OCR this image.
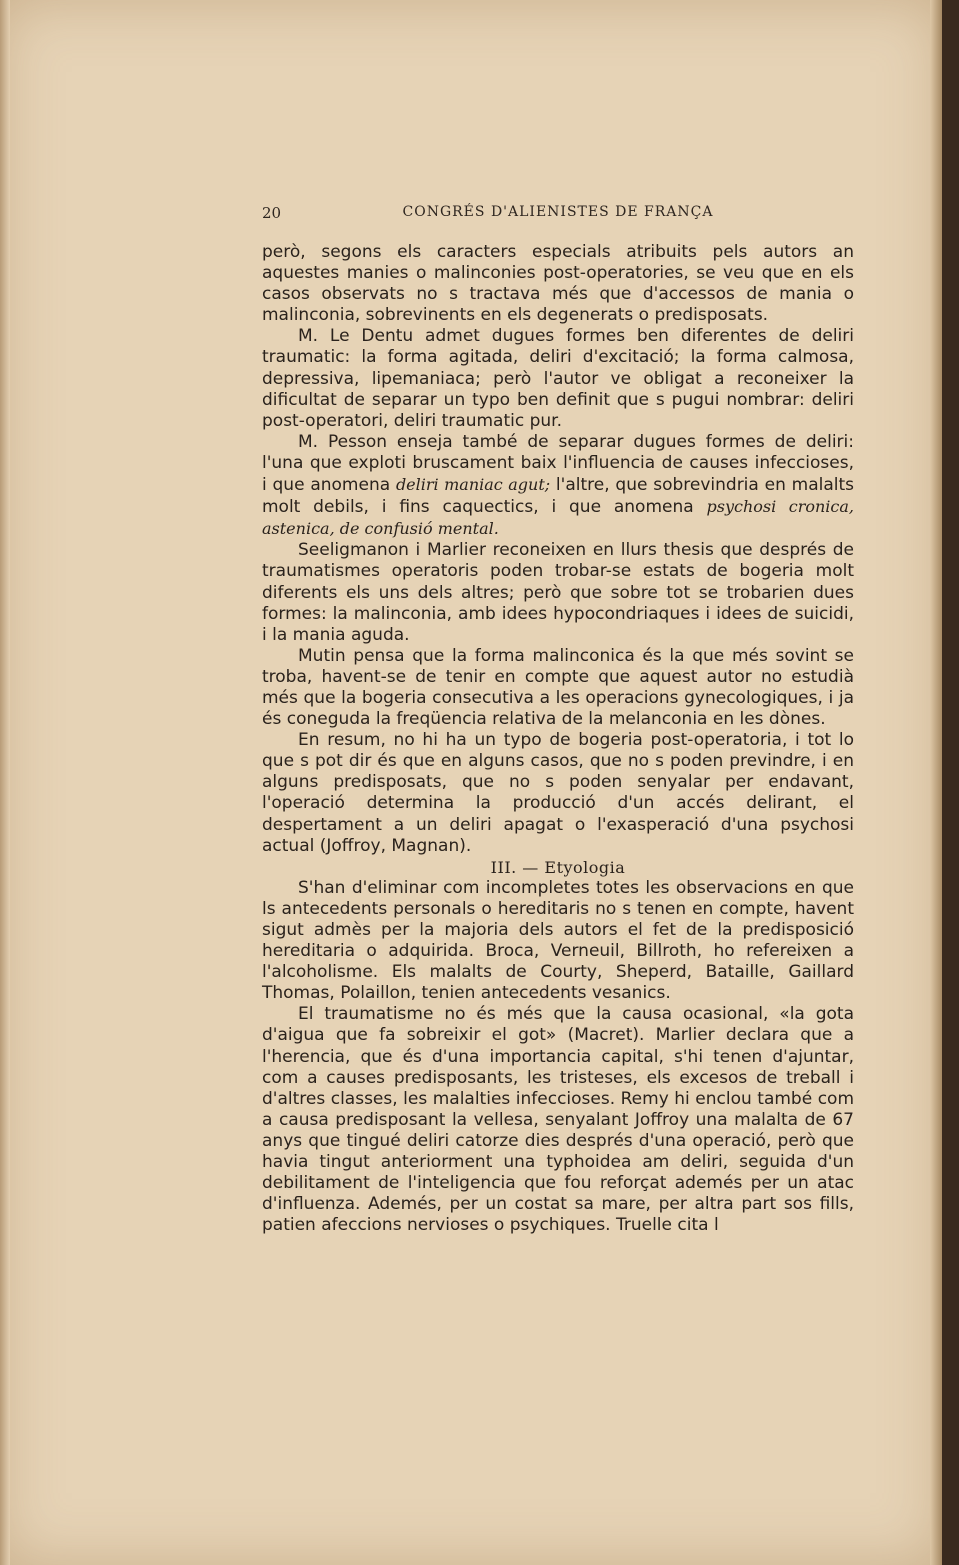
20	CONGRÉS D'ALIENISTES DE FRANÇA

però, segons els caracters especials atribuits pels autors an aquestes manies o malinconies post-operatories, se veu que en els casos observats no s tractava més que d'accessos de mania o malinconia, sobrevinents en els degenerats o predisposats.

M. Le Dentu admet dugues formes ben diferentes de deliri traumatic: la forma agitada, deliri d'excitació; la forma calmosa, depressiva, lipemaniaca; però l'autor ve obligat a reconeixer la dificultat de separar un typo ben definit que s pugui nombrar: deliri post-operatori, deliri traumatic pur.

M. Pesson enseja també de separar dugues formes de deliri: l'una que exploti bruscament baix l'influencia de causes infeccioses, i que anomena deliri maniac agut; l'altre, que sobrevindria en malalts molt debils, i fins caquectics, i que anomena psychosi cronica, astenica, de confusió mental.

Seeligmanon i Marlier reconeixen en llurs thesis que després de traumatismes operatoris poden trobar-se estats de bogeria molt diferents els uns dels altres; però que sobre tot se trobarien dues formes: la malinconia, amb idees hypocondriaques i idees de suicidi, i la mania aguda.

Mutin pensa que la forma malinconica és la que més sovint se troba, havent-se de tenir en compte que aquest autor no estudià més que la bogeria consecutiva a les operacions gynecologiques, i ja és coneguda la freqüencia relativa de la melanconia en les dònes.

En resum, no hi ha un typo de bogeria post-operatoria, i tot lo que s pot dir és que en alguns casos, que no s poden previndre, i en alguns predisposats, que no s poden senyalar per endavant, l'operació determina la producció d'un accés delirant, el despertament a un deliri apagat o l'exasperació d'una psychosi actual (Joffroy, Magnan).

III. — Etyologia

S'han d'eliminar com incompletes totes les observacions en que ls antecedents personals o hereditaris no s tenen en compte, havent sigut admès per la majoria dels autors el fet de la predisposició hereditaria o adquirida. Broca, Verneuil, Billroth, ho refereixen a l'alcoholisme. Els malalts de Courty, Sheperd, Bataille, Gaillard Thomas, Polaillon, tenien antecedents vesanics.

El traumatisme no és més que la causa ocasional, «la gota d'aigua que fa sobreixir el got» (Macret). Marlier declara que a l'herencia, que és d'una importancia capital, s'hi tenen d'ajuntar, com a causes predisposants, les tristeses, els excesos de treball i d'altres classes, les malalties infeccioses. Remy hi enclou també com a causa predisposant la vellesa, senyalant Joffroy una malalta de 67 anys que tingué deliri catorze dies després d'una operació, però que havia tingut anteriorment una typhoidea am deliri, seguida d'un debilitament de l'inteligencia que fou reforçat ademés per un atac d'influenza. Ademés, per un costat sa mare, per altra part sos fills, patien afeccions nervioses o psychiques. Truelle cita l
